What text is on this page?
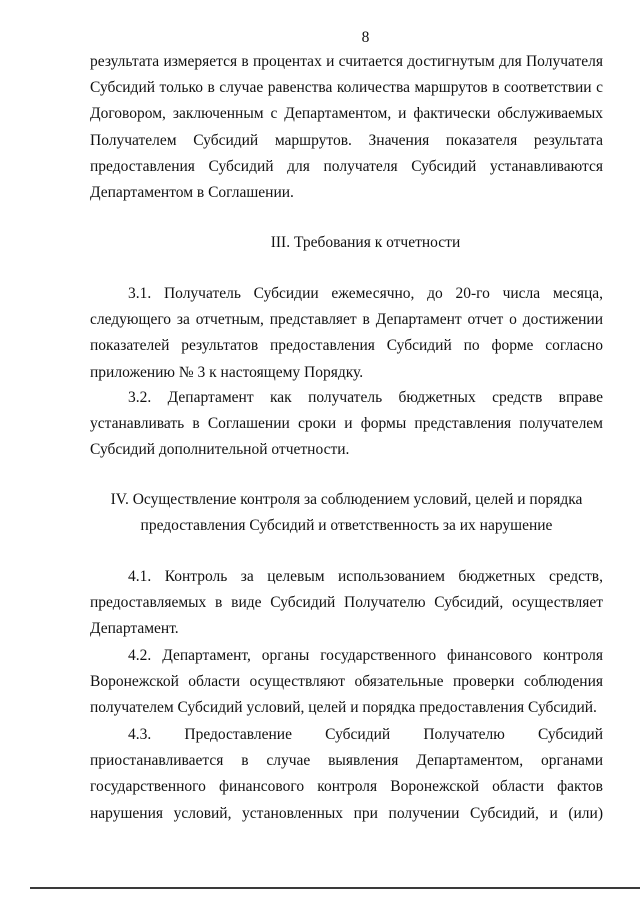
8
результата измеряется в процентах и считается достигнутым для Получателя
Субсидий только в случае равенства количества маршрутов в соответствии с
Договором, заключенным с Департаментом, и фактически обслуживаемых
Получателем Субсидий маршрутов. Значения показателя результата
предоставления Субсидий для получателя Субсидий устанавливаются
Департаментом в Соглашении.
III. Требования к отчетности
3.1. Получатель Субсидии ежемесячно, до 20-го числа месяца,
следующего за отчетным, представляет в Департамент отчет о достижении
показателей результатов предоставления Субсидий по форме согласно
приложению № 3 к настоящему Порядку.
3.2. Департамент как получатель бюджетных средств вправе
устанавливать в Соглашении сроки и формы представления получателем
Субсидий дополнительной отчетности.
IV. Осуществление контроля за соблюдением условий, целей и порядка
предоставления Субсидий и ответственность за их нарушение
4.1. Контроль за целевым использованием бюджетных средств,
предоставляемых в виде Субсидий Получателю Субсидий, осуществляет
Департамент.
4.2. Департамент, органы государственного финансового контроля
Воронежской области осуществляют обязательные проверки соблюдения
получателем Субсидий условий, целей и порядка предоставления Субсидий.
4.3. Предоставление Субсидий Получателю Субсидий
приостанавливается в случае выявления Департаментом, органами
государственного финансового контроля Воронежской области фактов
нарушения условий, установленных при получении Субсидий, и (или)
